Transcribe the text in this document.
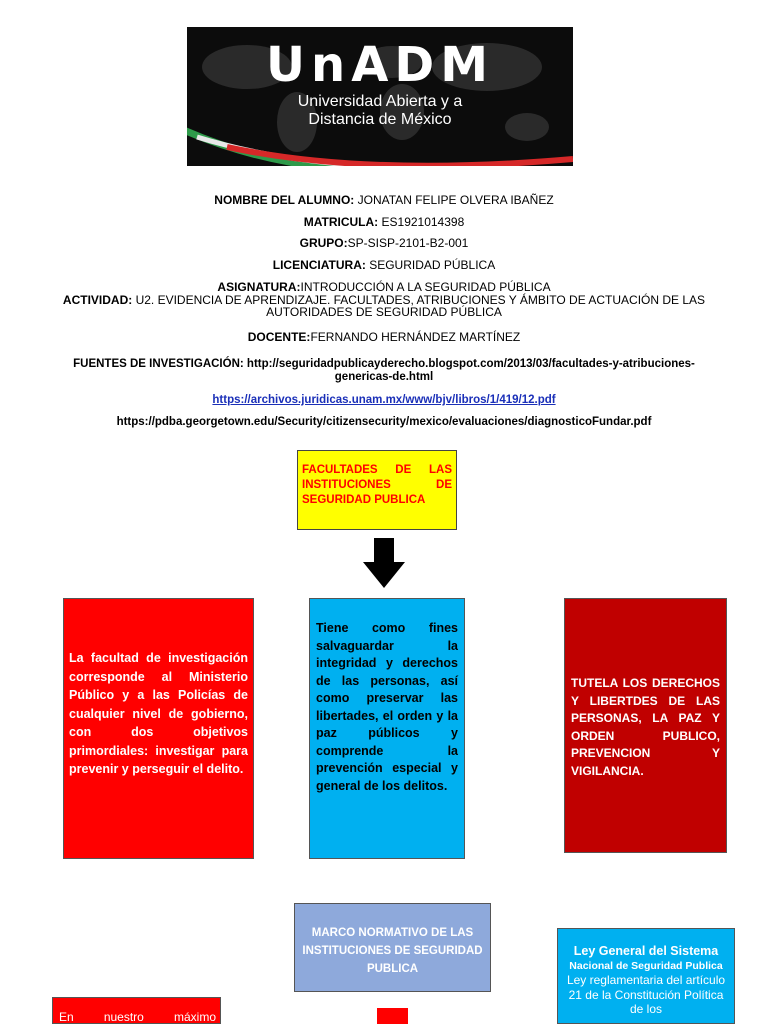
UnADM
Universidad Abierta y a
Distancia de México
NOMBRE DEL ALUMNO: JONATAN FELIPE OLVERA IBAÑEZ
MATRICULA: ES1921014398
GRUPO:SP-SISP-2101-B2-001
LICENCIATURA: SEGURIDAD PÚBLICA
ASIGNATURA:INTRODUCCIÓN A LA SEGURIDAD PÚBLICA
ACTIVIDAD: U2. EVIDENCIA DE APRENDIZAJE. FACULTADES, ATRIBUCIONES Y ÁMBITO DE ACTUACIÓN DE LAS AUTORIDADES DE SEGURIDAD PÚBLICA
DOCENTE:FERNANDO HERNÁNDEZ MARTÍNEZ
FUENTES DE INVESTIGACIÓN: http://seguridadpublicayderecho.blogspot.com/2013/03/facultades-y-atribuciones-genericas-de.html
https://archivos.juridicas.unam.mx/www/bjv/libros/1/419/12.pdf
https://pdba.georgetown.edu/Security/citizensecurity/mexico/evaluaciones/diagnosticoFundar.pdf
FACULTADES DE LAS INSTITUCIONES DE SEGURIDAD PUBLICA
La facultad de investigación corresponde al Ministerio Público y a las Policías de cualquier nivel de gobierno, con dos objetivos primordiales: investigar para prevenir y perseguir el delito.
Tiene como fines salvaguardar la integridad y derechos de las personas, así como preservar las libertades, el orden y la paz públicos y comprende la prevención especial y general de los delitos.
TUTELA LOS DERECHOS Y LIBERTDES DE LAS PERSONAS, LA PAZ Y ORDEN PUBLICO, PREVENCION Y VIGILANCIA.
MARCO NORMATIVO DE LAS INSTITUCIONES DE SEGURIDAD PUBLICA
Ley General del Sistema
Nacional de Seguridad Publica
Ley reglamentaria del artículo 21 de la Constitución Política de los
En nuestro máximo
